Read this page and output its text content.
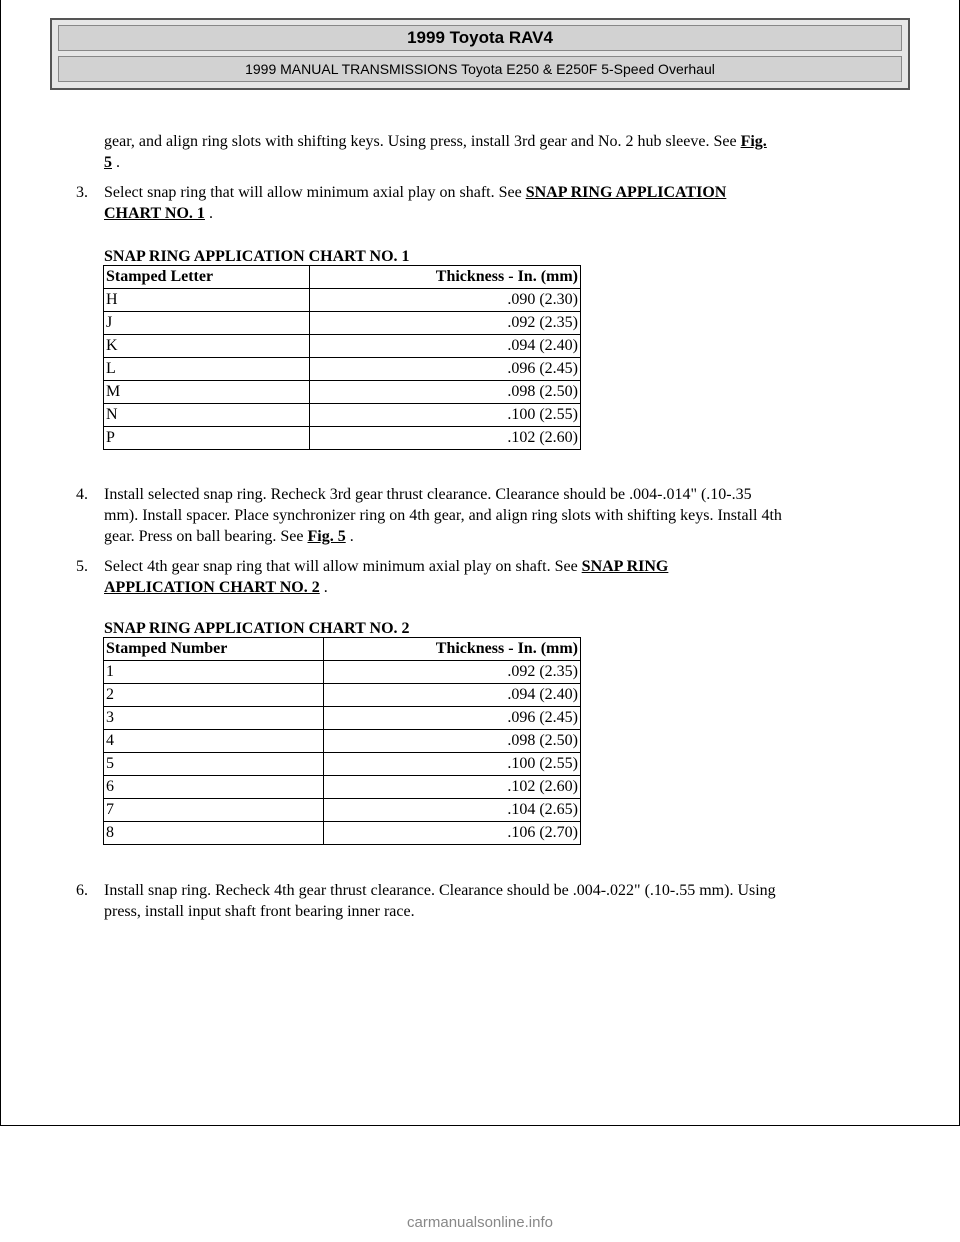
1999 Toyota RAV4
1999 MANUAL TRANSMISSIONS Toyota E250 & E250F 5-Speed Overhaul
gear, and align ring slots with shifting keys. Using press, install 3rd gear and No. 2 hub sleeve. See Fig.
5 .
3. Select snap ring that will allow minimum axial play on shaft. See SNAP RING APPLICATION
CHART NO. 1 .
SNAP RING APPLICATION CHART NO. 1
Stamped Letter	Thickness - In. (mm)
H	.090 (2.30)
J	.092 (2.35)
K	.094 (2.40)
L	.096 (2.45)
M	.098 (2.50)
N	.100 (2.55)
P	.102 (2.60)
4. Install selected snap ring. Recheck 3rd gear thrust clearance. Clearance should be .004-.014" (.10-.35
mm). Install spacer. Place synchronizer ring on 4th gear, and align ring slots with shifting keys. Install 4th
gear. Press on ball bearing. See Fig. 5 .
5. Select 4th gear snap ring that will allow minimum axial play on shaft. See SNAP RING
APPLICATION CHART NO. 2 .
SNAP RING APPLICATION CHART NO. 2
Stamped Number	Thickness - In. (mm)
1	.092 (2.35)
2	.094 (2.40)
3	.096 (2.45)
4	.098 (2.50)
5	.100 (2.55)
6	.102 (2.60)
7	.104 (2.65)
8	.106 (2.70)
6. Install snap ring. Recheck 4th gear thrust clearance. Clearance should be .004-.022" (.10-.55 mm). Using
press, install input shaft front bearing inner race.
carmanualsonline.info
